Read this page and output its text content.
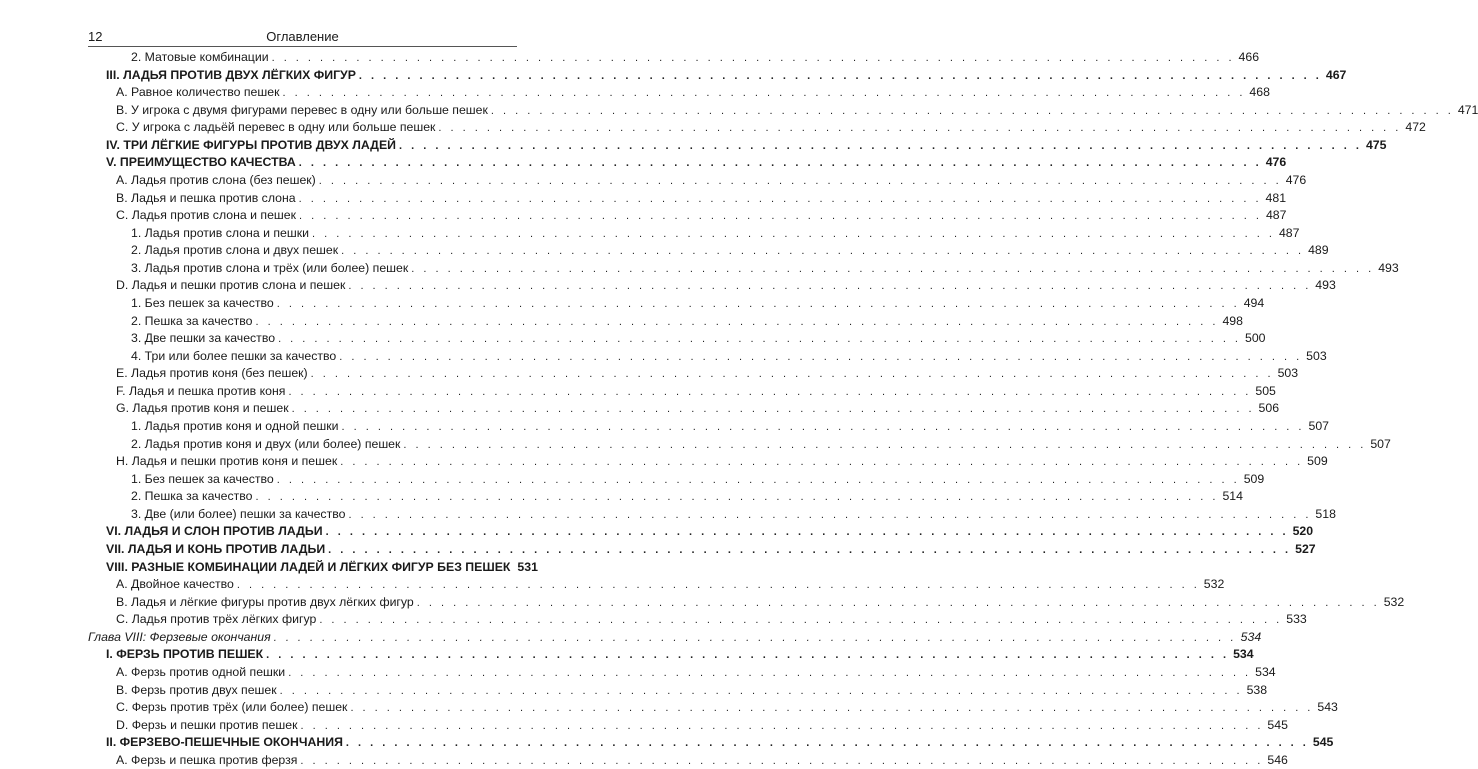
12	Оглавление
2. Матовые комбинации . . . . . . . . . . . . . . . . . . . . . . . . . . . . . . . . . . . . . . . . . . . . . . . . . . . . . . . . . . . . . . . . . . . . . . . . . . . . . . . . 466
III. ЛАДЬЯ ПРОТИВ ДВУХ ЛЁГКИХ ФИГУР . . . . . . . . . . . . . . . . . . . . . . . . . . . . . . . . . . . . . . . . . . . . . . . . . . . . . . . . . . . . . . . . . . . . . . . . . . . . . . . . 467
A. Равное количество пешек . . . . . . . . . . . . . . . . . . . . . . . . . . . . . . . . . . . . . . . . . . . . . . . . . . . . . . . . . . . . . . . . . . . . . . . . . . . . . . . . 468
B. У игрока с двумя фигурами перевес в одну или больше пешек . . . . . . . . . . . . . . . . . . . . . . . . . . . . . . . . . . . . . . . . . . . . . . . . . . . . . . . . . . . . . . . . . . . . . . . . . . . . . . . . 471
C. У игрока с ладьёй перевес в одну или больше пешек . . . . . . . . . . . . . . . . . . . . . . . . . . . . . . . . . . . . . . . . . . . . . . . . . . . . . . . . . . . . . . . . . . . . . . . . . . . . . . . . 472
IV. ТРИ ЛЁГКИЕ ФИГУРЫ ПРОТИВ ДВУХ ЛАДЕЙ . . . . . . . . . . . . . . . . . . . . . . . . . . . . . . . . . . . . . . . . . . . . . . . . . . . . . . . . . . . . . . . . . . . . . . . . . . . . . . . . 475
V. ПРЕИМУЩЕСТВО КАЧЕСТВА . . . . . . . . . . . . . . . . . . . . . . . . . . . . . . . . . . . . . . . . . . . . . . . . . . . . . . . . . . . . . . . . . . . . . . . . . . . . . . . . 476
A. Ладья против слона (без пешек) . . . . . . . . . . . . . . . . . . . . . . . . . . . . . . . . . . . . . . . . . . . . . . . . . . . . . . . . . . . . . . . . . . . . . . . . . . . . . . . . 476
B. Ладья и пешка против слона . . . . . . . . . . . . . . . . . . . . . . . . . . . . . . . . . . . . . . . . . . . . . . . . . . . . . . . . . . . . . . . . . . . . . . . . . . . . . . . . 481
C. Ладья против слона и пешек . . . . . . . . . . . . . . . . . . . . . . . . . . . . . . . . . . . . . . . . . . . . . . . . . . . . . . . . . . . . . . . . . . . . . . . . . . . . . . . . 487
1. Ладья против слона и пешки . . . . . . . . . . . . . . . . . . . . . . . . . . . . . . . . . . . . . . . . . . . . . . . . . . . . . . . . . . . . . . . . . . . . . . . . . . . . . . . . 487
2. Ладья против слона и двух пешек . . . . . . . . . . . . . . . . . . . . . . . . . . . . . . . . . . . . . . . . . . . . . . . . . . . . . . . . . . . . . . . . . . . . . . . . . . . . . . . . 489
3. Ладья против слона и трёх (или более) пешек . . . . . . . . . . . . . . . . . . . . . . . . . . . . . . . . . . . . . . . . . . . . . . . . . . . . . . . . . . . . . . . . . . . . . . . . . . . . . . . . 493
D. Ладья и пешки против слона и пешек . . . . . . . . . . . . . . . . . . . . . . . . . . . . . . . . . . . . . . . . . . . . . . . . . . . . . . . . . . . . . . . . . . . . . . . . . . . . . . . . 493
1. Без пешек за качество . . . . . . . . . . . . . . . . . . . . . . . . . . . . . . . . . . . . . . . . . . . . . . . . . . . . . . . . . . . . . . . . . . . . . . . . . . . . . . . . 494
2. Пешка за качество . . . . . . . . . . . . . . . . . . . . . . . . . . . . . . . . . . . . . . . . . . . . . . . . . . . . . . . . . . . . . . . . . . . . . . . . . . . . . . . . 498
3. Две пешки за качество . . . . . . . . . . . . . . . . . . . . . . . . . . . . . . . . . . . . . . . . . . . . . . . . . . . . . . . . . . . . . . . . . . . . . . . . . . . . . . . . 500
4. Три или более пешки за качество . . . . . . . . . . . . . . . . . . . . . . . . . . . . . . . . . . . . . . . . . . . . . . . . . . . . . . . . . . . . . . . . . . . . . . . . . . . . . . . . 503
E. Ладья против коня (без пешек) . . . . . . . . . . . . . . . . . . . . . . . . . . . . . . . . . . . . . . . . . . . . . . . . . . . . . . . . . . . . . . . . . . . . . . . . . . . . . . . . 503
F. Ладья и пешка против коня . . . . . . . . . . . . . . . . . . . . . . . . . . . . . . . . . . . . . . . . . . . . . . . . . . . . . . . . . . . . . . . . . . . . . . . . . . . . . . . . 505
G. Ладья против коня и пешек . . . . . . . . . . . . . . . . . . . . . . . . . . . . . . . . . . . . . . . . . . . . . . . . . . . . . . . . . . . . . . . . . . . . . . . . . . . . . . . . 506
1. Ладья против коня и одной пешки . . . . . . . . . . . . . . . . . . . . . . . . . . . . . . . . . . . . . . . . . . . . . . . . . . . . . . . . . . . . . . . . . . . . . . . . . . . . . . . . 507
2. Ладья против коня и двух (или более) пешек . . . . . . . . . . . . . . . . . . . . . . . . . . . . . . . . . . . . . . . . . . . . . . . . . . . . . . . . . . . . . . . . . . . . . . . . . . . . . . . . 507
H. Ладья и пешки против коня и пешек . . . . . . . . . . . . . . . . . . . . . . . . . . . . . . . . . . . . . . . . . . . . . . . . . . . . . . . . . . . . . . . . . . . . . . . . . . . . . . . . 509
1. Без пешек за качество . . . . . . . . . . . . . . . . . . . . . . . . . . . . . . . . . . . . . . . . . . . . . . . . . . . . . . . . . . . . . . . . . . . . . . . . . . . . . . . . 509
2. Пешка за качество . . . . . . . . . . . . . . . . . . . . . . . . . . . . . . . . . . . . . . . . . . . . . . . . . . . . . . . . . . . . . . . . . . . . . . . . . . . . . . . . 514
3. Две (или более) пешки за качество . . . . . . . . . . . . . . . . . . . . . . . . . . . . . . . . . . . . . . . . . . . . . . . . . . . . . . . . . . . . . . . . . . . . . . . . . . . . . . . . 518
VI. ЛАДЬЯ И СЛОН ПРОТИВ ЛАДЬИ . . . . . . . . . . . . . . . . . . . . . . . . . . . . . . . . . . . . . . . . . . . . . . . . . . . . . . . . . . . . . . . . . . . . . . . . . . . . . . . . 520
VII. ЛАДЬЯ И КОНЬ ПРОТИВ ЛАДЬИ . . . . . . . . . . . . . . . . . . . . . . . . . . . . . . . . . . . . . . . . . . . . . . . . . . . . . . . . . . . . . . . . . . . . . . . . . . . . . . . . 527
VIII. РАЗНЫЕ КОМБИНАЦИИ ЛАДЕЙ И ЛЁГКИХ ФИГУР БЕЗ ПЕШЕК 531
A. Двойное качество . . . . . . . . . . . . . . . . . . . . . . . . . . . . . . . . . . . . . . . . . . . . . . . . . . . . . . . . . . . . . . . . . . . . . . . . . . . . . . . . 532
B. Ладья и лёгкие фигуры против двух лёгких фигур . . . . . . . . . . . . . . . . . . . . . . . . . . . . . . . . . . . . . . . . . . . . . . . . . . . . . . . . . . . . . . . . . . . . . . . . . . . . . . . . 532
C. Ладья против трёх лёгких фигур . . . . . . . . . . . . . . . . . . . . . . . . . . . . . . . . . . . . . . . . . . . . . . . . . . . . . . . . . . . . . . . . . . . . . . . . . . . . . . . . 533
Глава VIII: Ферзевые окончания . . . . . . . . . . . . . . . . . . . . . . . . . . . . . . . . . . . . . . . . . . . . . . . . . . . . . . . . . . . . . . . . . . . . . . . . . . . . . . . . 534
I. ФЕРЗЬ ПРОТИВ ПЕШЕК . . . . . . . . . . . . . . . . . . . . . . . . . . . . . . . . . . . . . . . . . . . . . . . . . . . . . . . . . . . . . . . . . . . . . . . . . . . . . . . . 534
A. Ферзь против одной пешки . . . . . . . . . . . . . . . . . . . . . . . . . . . . . . . . . . . . . . . . . . . . . . . . . . . . . . . . . . . . . . . . . . . . . . . . . . . . . . . . 534
B. Ферзь против двух пешек . . . . . . . . . . . . . . . . . . . . . . . . . . . . . . . . . . . . . . . . . . . . . . . . . . . . . . . . . . . . . . . . . . . . . . . . . . . . . . . . 538
C. Ферзь против трёх (или более) пешек . . . . . . . . . . . . . . . . . . . . . . . . . . . . . . . . . . . . . . . . . . . . . . . . . . . . . . . . . . . . . . . . . . . . . . . . . . . . . . . . 543
D. Ферзь и пешки против пешек . . . . . . . . . . . . . . . . . . . . . . . . . . . . . . . . . . . . . . . . . . . . . . . . . . . . . . . . . . . . . . . . . . . . . . . . . . . . . . . . 545
II. ФЕРЗЕВО-ПЕШЕЧНЫЕ ОКОНЧАНИЯ . . . . . . . . . . . . . . . . . . . . . . . . . . . . . . . . . . . . . . . . . . . . . . . . . . . . . . . . . . . . . . . . . . . . . . . . . . . . . . . . 545
A. Ферзь и пешка против ферзя . . . . . . . . . . . . . . . . . . . . . . . . . . . . . . . . . . . . . . . . . . . . . . . . . . . . . . . . . . . . . . . . . . . . . . . . . . . . . . . . 546
